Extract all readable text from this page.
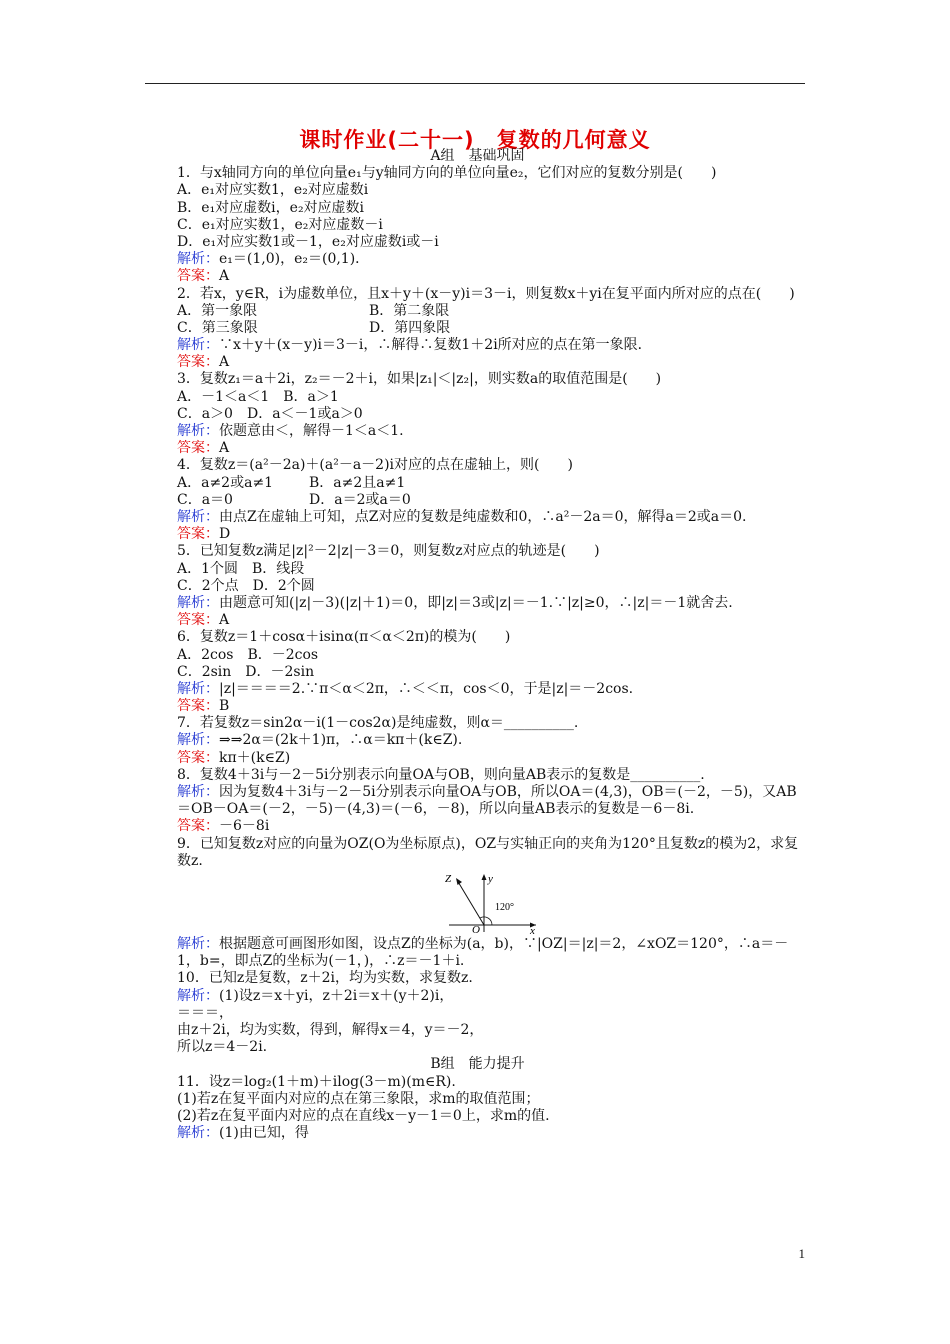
课时作业(二十一)　复数的几何意义
A组　基础巩固
1．与x轴同方向的单位向量e₁与y轴同方向的单位向量e₂，它们对应的复数分别是(　　)
A．e₁对应实数1，e₂对应虚数i
B．e₁对应虚数i，e₂对应虚数i
C．e₁对应实数1，e₂对应虚数－i
D．e₁对应实数1或－1，e₂对应虚数i或－i
解析：e₁＝(1,0)，e₂＝(0,1)．
答案：A
2．若x，y∈R，i为虚数单位，且x＋y＋(x－y)i＝3－i，则复数x＋yi在复平面内所对应的点在(　　)
A．第一象限	B．第二象限
C．第三象限	D．第四象限
解析：∵x＋y＋(x－y)i＝3－i，∴解得∴复数1＋2i所对应的点在第一象限．
答案：A
3．复数z₁＝a＋2i，z₂＝－2＋i，如果|z₁|＜|z₂|，则实数a的取值范围是(　　)
A．－1＜a＜1　B．a＞1
C．a＞0　D．a＜－1或a＞0
解析：依题意由＜，解得－1＜a＜1.
答案：A
4．复数z＝(a²－2a)＋(a²－a－2)i对应的点在虚轴上，则(　　)
A．a≠2或a≠1	B．a≠2且a≠1
C．a＝0	D．a＝2或a＝0
解析：由点Z在虚轴上可知，点Z对应的复数是纯虚数和0，∴a²－2a＝0，解得a＝2或a＝0.
答案：D
5．已知复数z满足|z|²－2|z|－3＝0，则复数z对应点的轨迹是(　　)
A．1个圆　B．线段
C．2个点　D．2个圆
解析：由题意可知(|z|－3)(|z|＋1)＝0，即|z|＝3或|z|＝－1.∵|z|≥0，∴|z|＝－1就舍去.
答案：A
6．复数z＝1＋cosα＋isinα(π＜α＜2π)的模为(　　)
A．2cos　B．－2cos
C．2sin　D．－2sin
解析：|z|＝＝＝＝2.∵π＜α＜2π，∴＜＜π，cos＜0，于是|z|＝－2cos.
答案：B
7．若复数z＝sin2α－i(1－cos2α)是纯虚数，则α＝__________.
解析：⇒⇒2α＝(2k＋1)π，∴α＝kπ＋(k∈Z).
答案：kπ＋(k∈Z)
8．复数4＋3i与－2－5i分别表示向量OA与OB，则向量AB表示的复数是__________.
解析：因为复数4＋3i与－2－5i分别表示向量OA与OB，所以OA＝(4,3)，OB＝(－2，－5)，又AB＝OB－OA＝(－2，－5)－(4,3)＝(－6，－8)，所以向量AB表示的复数是－6－8i.
答案：－6－8i
9．已知复数z对应的向量为OZ(O为坐标原点)，OZ与实轴正向的夹角为120°且复数z的模为2，求复数z.
Z	y
O	x
120°
解析：根据题意可画图形如图，设点Z的坐标为(a，b)，∵|OZ|＝|z|＝2，∠xOZ＝120°，∴a＝－1，b=，即点Z的坐标为(－1，)，∴z＝－1＋i.
10．已知z是复数，z＋2i，均为实数，求复数z.
解析：(1)设z＝x＋yi，z＋2i＝x＋(y＋2)i，
＝＝＝，
由z＋2i，均为实数，得到，解得x＝4，y＝－2，
所以z＝4－2i.
B组　能力提升
11．设z＝log₂(1＋m)＋ilog(3－m)(m∈R).
(1)若z在复平面内对应的点在第三象限，求m的取值范围；
(2)若z在复平面内对应的点在直线x－y－1＝0上，求m的值.
解析：(1)由已知，得
1
